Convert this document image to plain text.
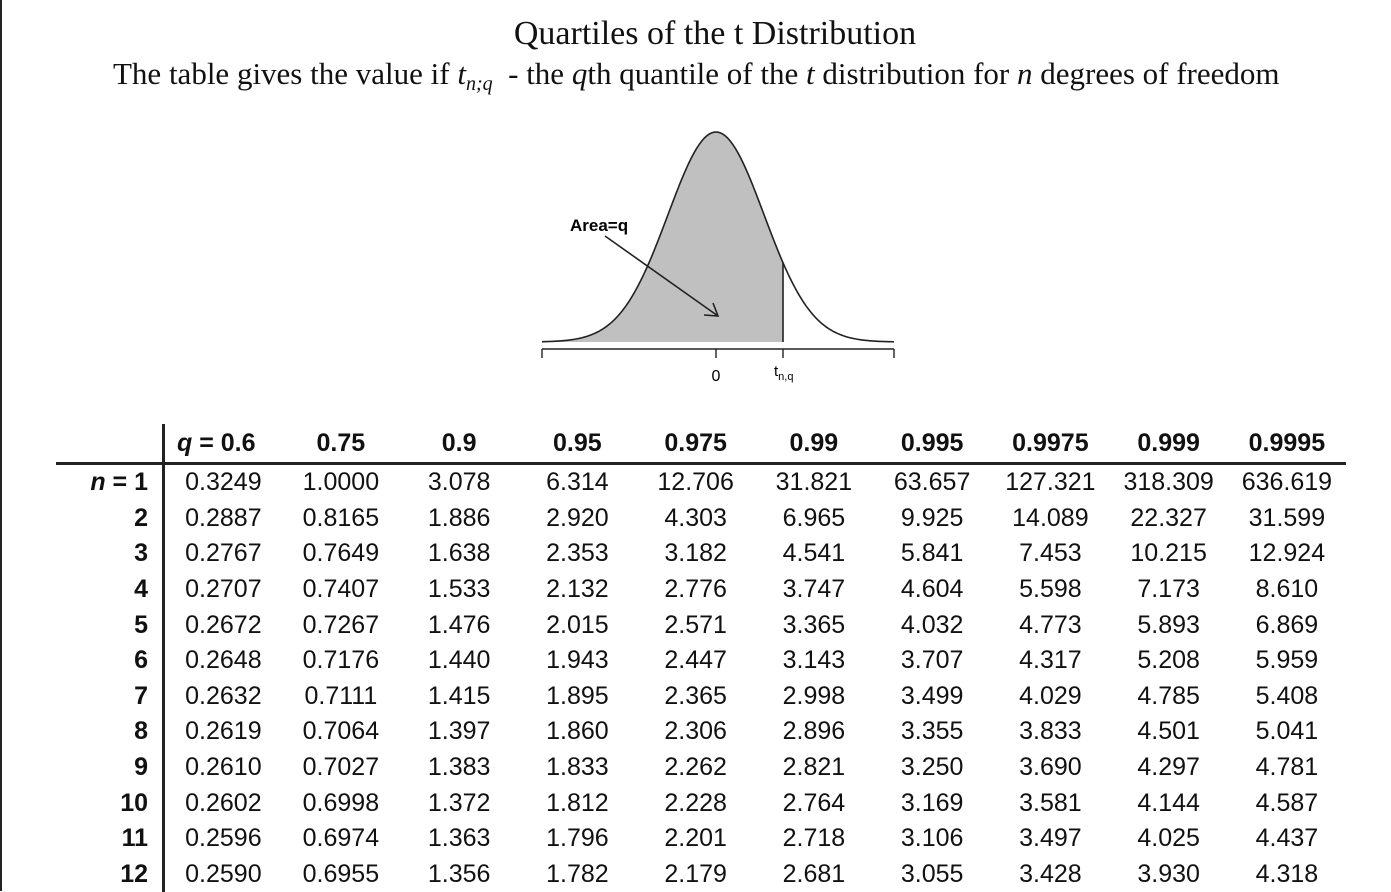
Quartiles of the t Distribution
The table gives the value if $t_{n;q}$  - the qth quantile of the t distribution for n degrees of freedom
0	$t_{n,q}$
Area=q
	q = 0.6	0.75	0.9	0.95	0.975	0.99	0.995	0.9975	0.999	0.9995
n = 1	0.3249	1.0000	3.078	6.314	12.706	31.821	63.657	127.321	318.309	636.619
2	0.2887	0.8165	1.886	2.920	4.303	6.965	9.925	14.089	22.327	31.599
3	0.2767	0.7649	1.638	2.353	3.182	4.541	5.841	7.453	10.215	12.924
4	0.2707	0.7407	1.533	2.132	2.776	3.747	4.604	5.598	7.173	8.610
5	0.2672	0.7267	1.476	2.015	2.571	3.365	4.032	4.773	5.893	6.869
6	0.2648	0.7176	1.440	1.943	2.447	3.143	3.707	4.317	5.208	5.959
7	0.2632	0.7111	1.415	1.895	2.365	2.998	3.499	4.029	4.785	5.408
8	0.2619	0.7064	1.397	1.860	2.306	2.896	3.355	3.833	4.501	5.041
9	0.2610	0.7027	1.383	1.833	2.262	2.821	3.250	3.690	4.297	4.781
10	0.2602	0.6998	1.372	1.812	2.228	2.764	3.169	3.581	4.144	4.587
11	0.2596	0.6974	1.363	1.796	2.201	2.718	3.106	3.497	4.025	4.437
12	0.2590	0.6955	1.356	1.782	2.179	2.681	3.055	3.428	3.930	4.318
